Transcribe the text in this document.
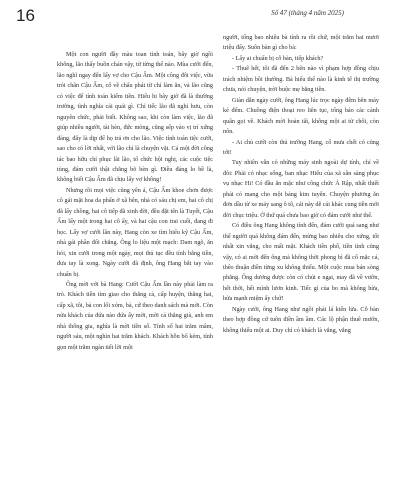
16	Số 47 (tháng 4 năm 2025)

Một con người đầy màu toan tính toán, bây giờ ngồi không, lão thấy buồn chán vậy, từ từng thể nào. Mùa cưới đến, lão nghĩ ngay đến lấy vợ cho Cậu Ấm. Một công đôi việc, vừa trói chân Cậu Ấm, cố về chấu phát từ chỉ làm ăn, và lão cũng có việc để tính toán kiếm tiền. Hiểu hi bây giờ đã là thường trường, tình nghĩa cái quái gì. Chỉ tiếc lão đã nghỉ hưu, còn nguyên chức, phải biết. Không sao, khi còn làm việc, lão đã giúp nhiều người, tài hèn, đức mỏng, cũng sếp vào vị trí xứng đáng, đây là dịp để họ trả ơn cho lão. Việc tính toán tiệc cưới, sao cho có lời nhất, với lão chỉ là chuyện vặt. Cả một đời công tác bao hữu chỉ phục lãi lão, tổ chức hội nghị, các cuộc tiệc tùng, đám cưới thật chẳng bõ bèn gì. Điều đáng lo bề là, không biết Cậu Ấm đã chịu lấy vợ không!

Nhưng rồi mọi việc cũng yên ả, Cậu Ấm khoe chơn được cô gái mặt hoa da phấn ở xã bên, nhà có sáu chị em, hai cô chị đã lấy chồng, hai cô tiếp đã xinh đời, đều đặt tên là Tuyết, Cậu Ấm lấy một trong hai cô ấy, và hai cậu con trai cuối, đang đi học. Lấy vợ cưới lần này, Hang còn xe tìm hiểu kỹ Cậu Ấm, nhà gái phần đối chẳng. Ông lo liệu một mạch: Dam ngõ, ăn hỏi, xin cưới trong một ngày, mọi thủ tục đều tính bằng tiền, đưa tay là xong. Ngày cưới đã định, ông Hang bắt tay vào chuẩn bị.

Ông mời với bà Hang: Cưới Cậu Ấm lần này phải làm ra trò. Khách tiền tìm giao cho thằng cả, cấp huyện, thằng hai, cấp xã, tôi, bà con lối xóm, bà, cứ theo danh sách mà mời. Còn nửa khách của đứa nào đứa ấy mời, mời cả thằng già, anh em nhà thông gia, nghĩa là mời tiền số. Tính số hai trăm mâm, người sáu, một nghìn hai trăm khách. Khách hỗn bổ kém, tính gọn một trăm ngàn tiết lời một

người, tổng bao nhiêu bà tính ra rồi chứ, một trăm hai mươi triệu đấy. Suôn bàn gì cho bà:

- Lấy ai chuẩn bị cỗ bàn, tiếp khách?

- Thuê hết, tôi đã đến 2 bên nào vì phạm hợp đồng chịu trách nhiệm bồi thường. Bà hiểu thể nào là kinh tế thị trường chưa, nói chuyện, trời buộc mẹ bằng tiền.

Giàn dẫn ngày cưới, ông Hang lúc trọc ngày đêm bên máy kẻ đếm. Chuồng điện thoại reo liên tục, tổng báo các cảnh quân gọi về. Khách mời hoàn tất, không một ai từ chối, còn nôn.

- Ai chủ cưới còn thủ trường Hang, cổ mưa chết có cũng tới!

Tuy nhiên vẫn có những máy sinh ngoài dự tính, chỉ về đòi: Phải có nhạc sống, ban nhạc Hiếu của xã sẵn sàng phục vụ nhạc Hi! Có đầu ăn mặc như công chức Ả Rập, nhất thiết phải có mang cho một bảng kim tuyến. Chuyện phương ăn đơn dầu từ xe máy sang ô tô, cái này dễ cái khác cung tiền mới đời chục triệu. Ở thứ quá chưa bao giờ có đám cưới như thế.

Có điều ông Hang không tính đến, đám cưới quá sang như thế người quá không đám đến, mừng bao nhiêu cho xứng, tốt nhất xin vắng, cho mất mặt. Khách tiền phố, tiền tình cũng vậy, có ai mời đến ông mà không thời phong bì đã cố mặc cả, thêo thuận điền từng xu không thiếu. Một cuộc mua bán sòng phẳng. Ông dương được còn có chút e ngại, may đã về vườn, hết thời, hết mình lươn kinh. Tiếc gì của bo mà không hừa, hừa mạnh miệm ấy chứ!

Ngày cưới, ông Hang như ngồi phải lá kiến lửa. Cỗ bàn theo hợp đồng cứ tuôn điền ầm ầm. Các lộ phận thuê mướn, không thiếu một ai. Duy chỉ có khách là vắng, vắng
